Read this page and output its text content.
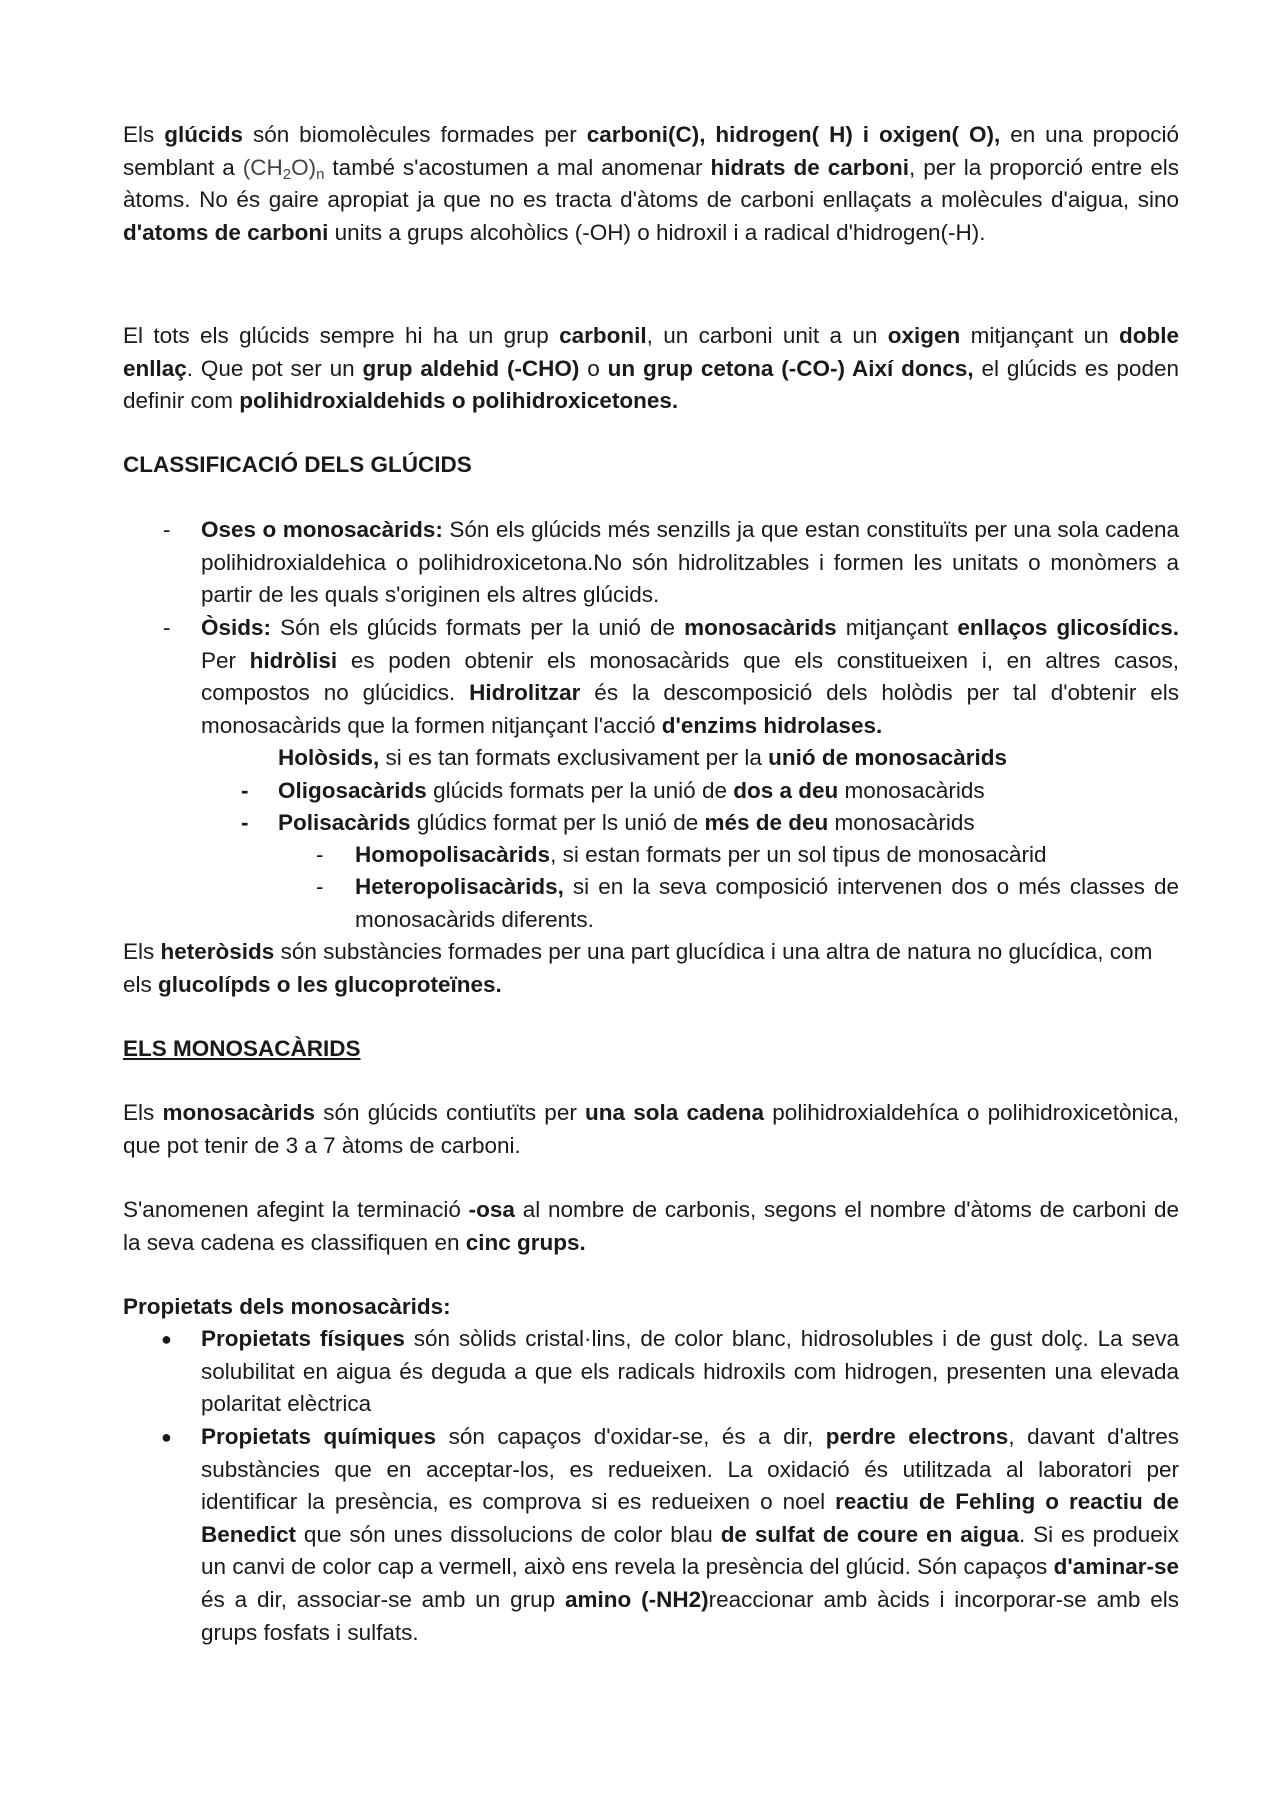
Els glúcids són biomolècules formades per carboni(C), hidrogen( H) i oxigen( O), en una propoció semblant a $(CH_2O)_n$ també s'acostumen a mal anomenar hidrats de carboni, per la proporció entre els àtoms. No és gaire apropiat ja que no es tracta d'àtoms de carboni enllaçats a molècules d'aigua, sino d'atoms de carboni units a grups alcohòlics (-OH) o hidroxil i a radical d'hidrogen(-H).
El tots els glúcids sempre hi ha un grup carbonil, un carboni unit a un oxigen mitjançant un doble enllaç. Que pot ser un grup aldehid (-CHO) o un grup cetona (-CO-) Així doncs, el glúcids es poden definir com polihidroxialdehids o polihidroxicetones.
CLASSIFICACIÓ DELS GLÚCIDS
- Oses o monosacàrids: Són els glúcids més senzills ja que estan constituïts per una sola cadena polihidroxialdehica o polihidroxicetona.No són hidrolitzables i formen les unitats o monòmers a partir de les quals s'originen els altres glúcids.
- Òsids: Són els glúcids formats per la unió de monosacàrids mitjançant enllaços glicosídics. Per hidròlisi es poden obtenir els monosacàrids que els constitueixen i, en altres casos, compostos no glúcidics. Hidrolitzar és la descomposició dels holòdis per tal d'obtenir els monosacàrids que la formen nitjançant l'acció d'enzims hidrolases.
Holòsids, si es tan formats exclusivament per la unió de monosacàrids
- Oligosacàrids glúcids formats per la unió de dos a deu monosacàrids
- Polisacàrids glúdics format per ls unió de més de deu monosacàrids
- Homopolisacàrids, si estan formats per un sol tipus de monosacàrid
- Heteropolisacàrids, si en la seva composició intervenen dos o més classes de monosacàrids diferents.
Els heteròsids són substàncies formades per una part glucídica i una altra de natura no glucídica, com els glucolípds o les glucoproteïnes.
ELS MONOSACÀRIDS
Els monosacàrids són glúcids contiutïts per una sola cadena polihidroxialdehíca o polihidroxicetònica, que pot tenir de 3 a 7 àtoms de carboni.
S'anomenen afegint la terminació -osa al nombre de carbonis, segons el nombre d'àtoms de carboni de la seva cadena es classifiquen en cinc grups.
Propietats dels monosacàrids:
● Propietats físiques són sòlids cristal·lins, de color blanc, hidrosolubles i de gust dolç. La seva solubilitat en aigua és deguda a que els radicals hidroxils com hidrogen, presenten una elevada polaritat elèctrica
● Propietats químiques són capaços d'oxidar-se, és a dir, perdre electrons, davant d'altres substàncies que en acceptar-los, es redueixen. La oxidació és utilitzada al laboratori per identificar la presència, es comprova si es redueixen o noel reactiu de Fehling o reactiu de Benedict que són unes dissolucions de color blau de sulfat de coure en aigua. Si es produeix un canvi de color cap a vermell, això ens revela la presència del glúcid. Són capaços d'aminar-se és a dir, associar-se amb un grup amino (-NH2)reaccionar amb àcids i incorporar-se amb els grups fosfats i sulfats.
